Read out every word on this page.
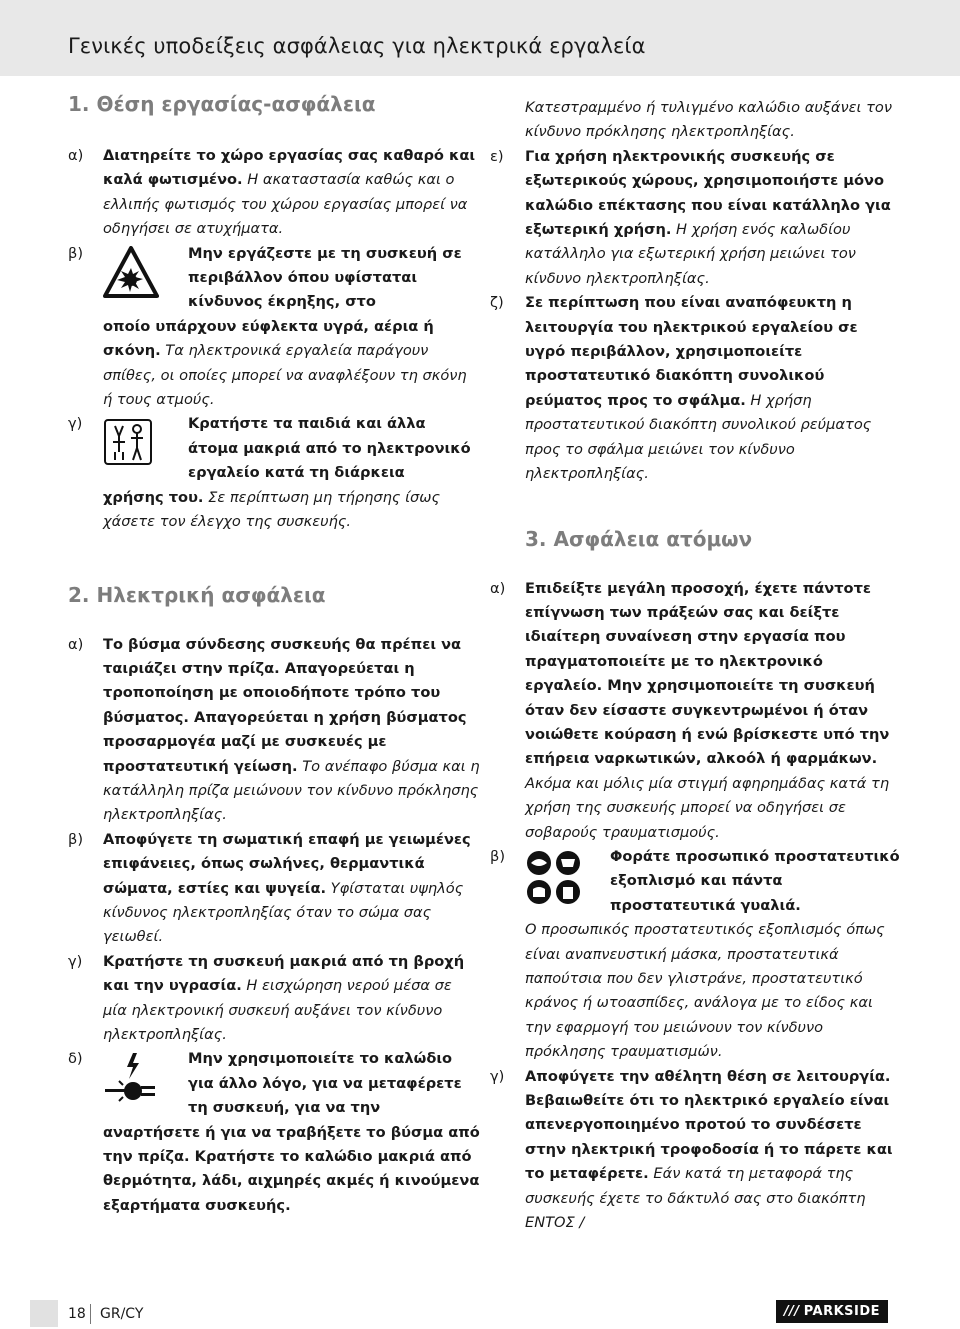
Γενικές υποδείξεις ασφάλειας για ηλεκτρικά εργαλεία
1. Θέση εργασίας-ασφάλεια
α)	Διατηρείτε το χώρο εργασίας σας καθαρό και καλά φωτισμένο. Η ακαταστασία καθώς και ο ελλιπής φωτισμός του χώρου εργασίας μπορεί να οδηγήσει σε ατυχήματα.
β)	Μην εργάζεστε με τη συσκευή σε περιβάλλον όπου υφίσταται κίνδυνος έκρηξης, στο
οποίο υπάρχουν εύφλεκτα υγρά, αέρια ή σκόνη. Τα ηλεκτρονικά εργαλεία παράγουν σπίθες, οι οποίες μπορεί να αναφλέξουν τη σκόνη ή τους ατμούς.
γ)	Κρατήστε τα παιδιά και άλλα άτομα μακριά από το ηλεκτρονικό εργαλείο κατά τη διάρκεια
χρήσης του. Σε περίπτωση μη τήρησης ίσως χάσετε τον έλεγχο της συσκευής.
2. Ηλεκτρική ασφάλεια
α)	Το βύσμα σύνδεσης συσκευής θα πρέπει να ταιριάζει στην πρίζα. Απαγορεύεται η τροποποίηση με οποιοδήποτε τρόπο του βύσματος. Απαγορεύεται η χρήση βύσματος προσαρμογέα μαζί με συσκευές με προστατευτική γείωση. Το ανέπαφο βύσμα και η κατάλληλη πρίζα μειώνουν τον κίνδυνο πρόκλησης ηλεκτροπληξίας.
β)	Αποφύγετε τη σωματική επαφή με γειωμένες επιφάνειες, όπως σωλήνες, θερμαντικά σώματα, εστίες και ψυγεία. Υφίσταται υψηλός κίνδυνος ηλεκτροπληξίας όταν το σώμα σας γειωθεί.
γ)	Κρατήστε τη συσκευή μακριά από τη βροχή και την υγρασία. Η εισχώρηση νερού μέσα σε μία ηλεκτρονική συσκευή αυξάνει τον κίνδυνο ηλεκτροπληξίας.
δ)	Μην χρησιμοποιείτε το καλώδιο για άλλο λόγο, για να μεταφέρετε τη συσκευή, για να την
αναρτήσετε ή για να τραβήξετε το βύσμα από την πρίζα. Κρατήστε το καλώδιο μακριά από θερμότητα, λάδι, αιχμηρές ακμές ή κινούμενα εξαρτήματα συσκευής.
Κατεστραμμένο ή τυλιγμένο καλώδιο αυξάνει τον κίνδυνο πρόκλησης ηλεκτροπληξίας.
ε)	Για χρήση ηλεκτρονικής συσκευής σε εξωτερικούς χώρους, χρησιμοποιήστε μόνο καλώδιο επέκτασης που είναι κατάλληλο για εξωτερική χρήση. Η χρήση ενός καλωδίου κατάλληλο για εξωτερική χρήση μειώνει τον κίνδυνο ηλεκτροπληξίας.
ζ)	Σε περίπτωση που είναι αναπόφευκτη η λειτουργία του ηλεκτρικού εργαλείου σε υγρό περιβάλλον, χρησιμοποιείτε προστατευτικό διακόπτη συνολικού ρεύματος προς το σφάλμα. Η χρήση προστατευτικού διακόπτη συνολικού ρεύματος προς το σφάλμα μειώνει τον κίνδυνο ηλεκτροπληξίας.
3. Ασφάλεια ατόμων
α)	Επιδείξτε μεγάλη προσοχή, έχετε πάντοτε επίγνωση των πράξεών σας και δείξτε ιδιαίτερη συναίνεση στην εργασία που πραγματοποιείτε με το ηλεκτρονικό εργαλείο. Μην χρησιμοποιείτε τη συσκευή όταν δεν είσαστε συγκεντρωμένοι ή όταν νοιώθετε κούραση ή ενώ βρίσκεστε υπό την επήρεια ναρκωτικών, αλκοόλ ή φαρμάκων. Ακόμα και μόλις μία στιγμή αφηρημάδας κατά τη χρήση της συσκευής μπορεί να οδηγήσει σε σοβαρούς τραυματισμούς.
β)	Φοράτε προσωπικό προστατευτικό εξοπλισμό και πάντα προστατευτικά γυαλιά.
Ο προσωπικός προστατευτικός εξοπλισμός όπως είναι αναπνευστική μάσκα, προστατευτικά παπούτσια που δεν γλιστράνε, προστατευτικό κράνος ή ωτοασπίδες, ανάλογα με το είδος και την εφαρμογή του μειώνουν τον κίνδυνο πρόκλησης τραυματισμών.
γ)	Αποφύγετε την αθέλητη θέση σε λειτουργία. Βεβαιωθείτε ότι το ηλεκτρικό εργαλείο είναι απενεργοποιημένο προτού το συνδέσετε στην ηλεκτρική τροφοδοσία ή το πάρετε και το μεταφέρετε. Εάν κατά τη μεταφορά της συσκευής έχετε το δάκτυλό σας στο διακόπτη ΕΝΤΟΣ /
18 GR/CY	/// PARKSIDE
